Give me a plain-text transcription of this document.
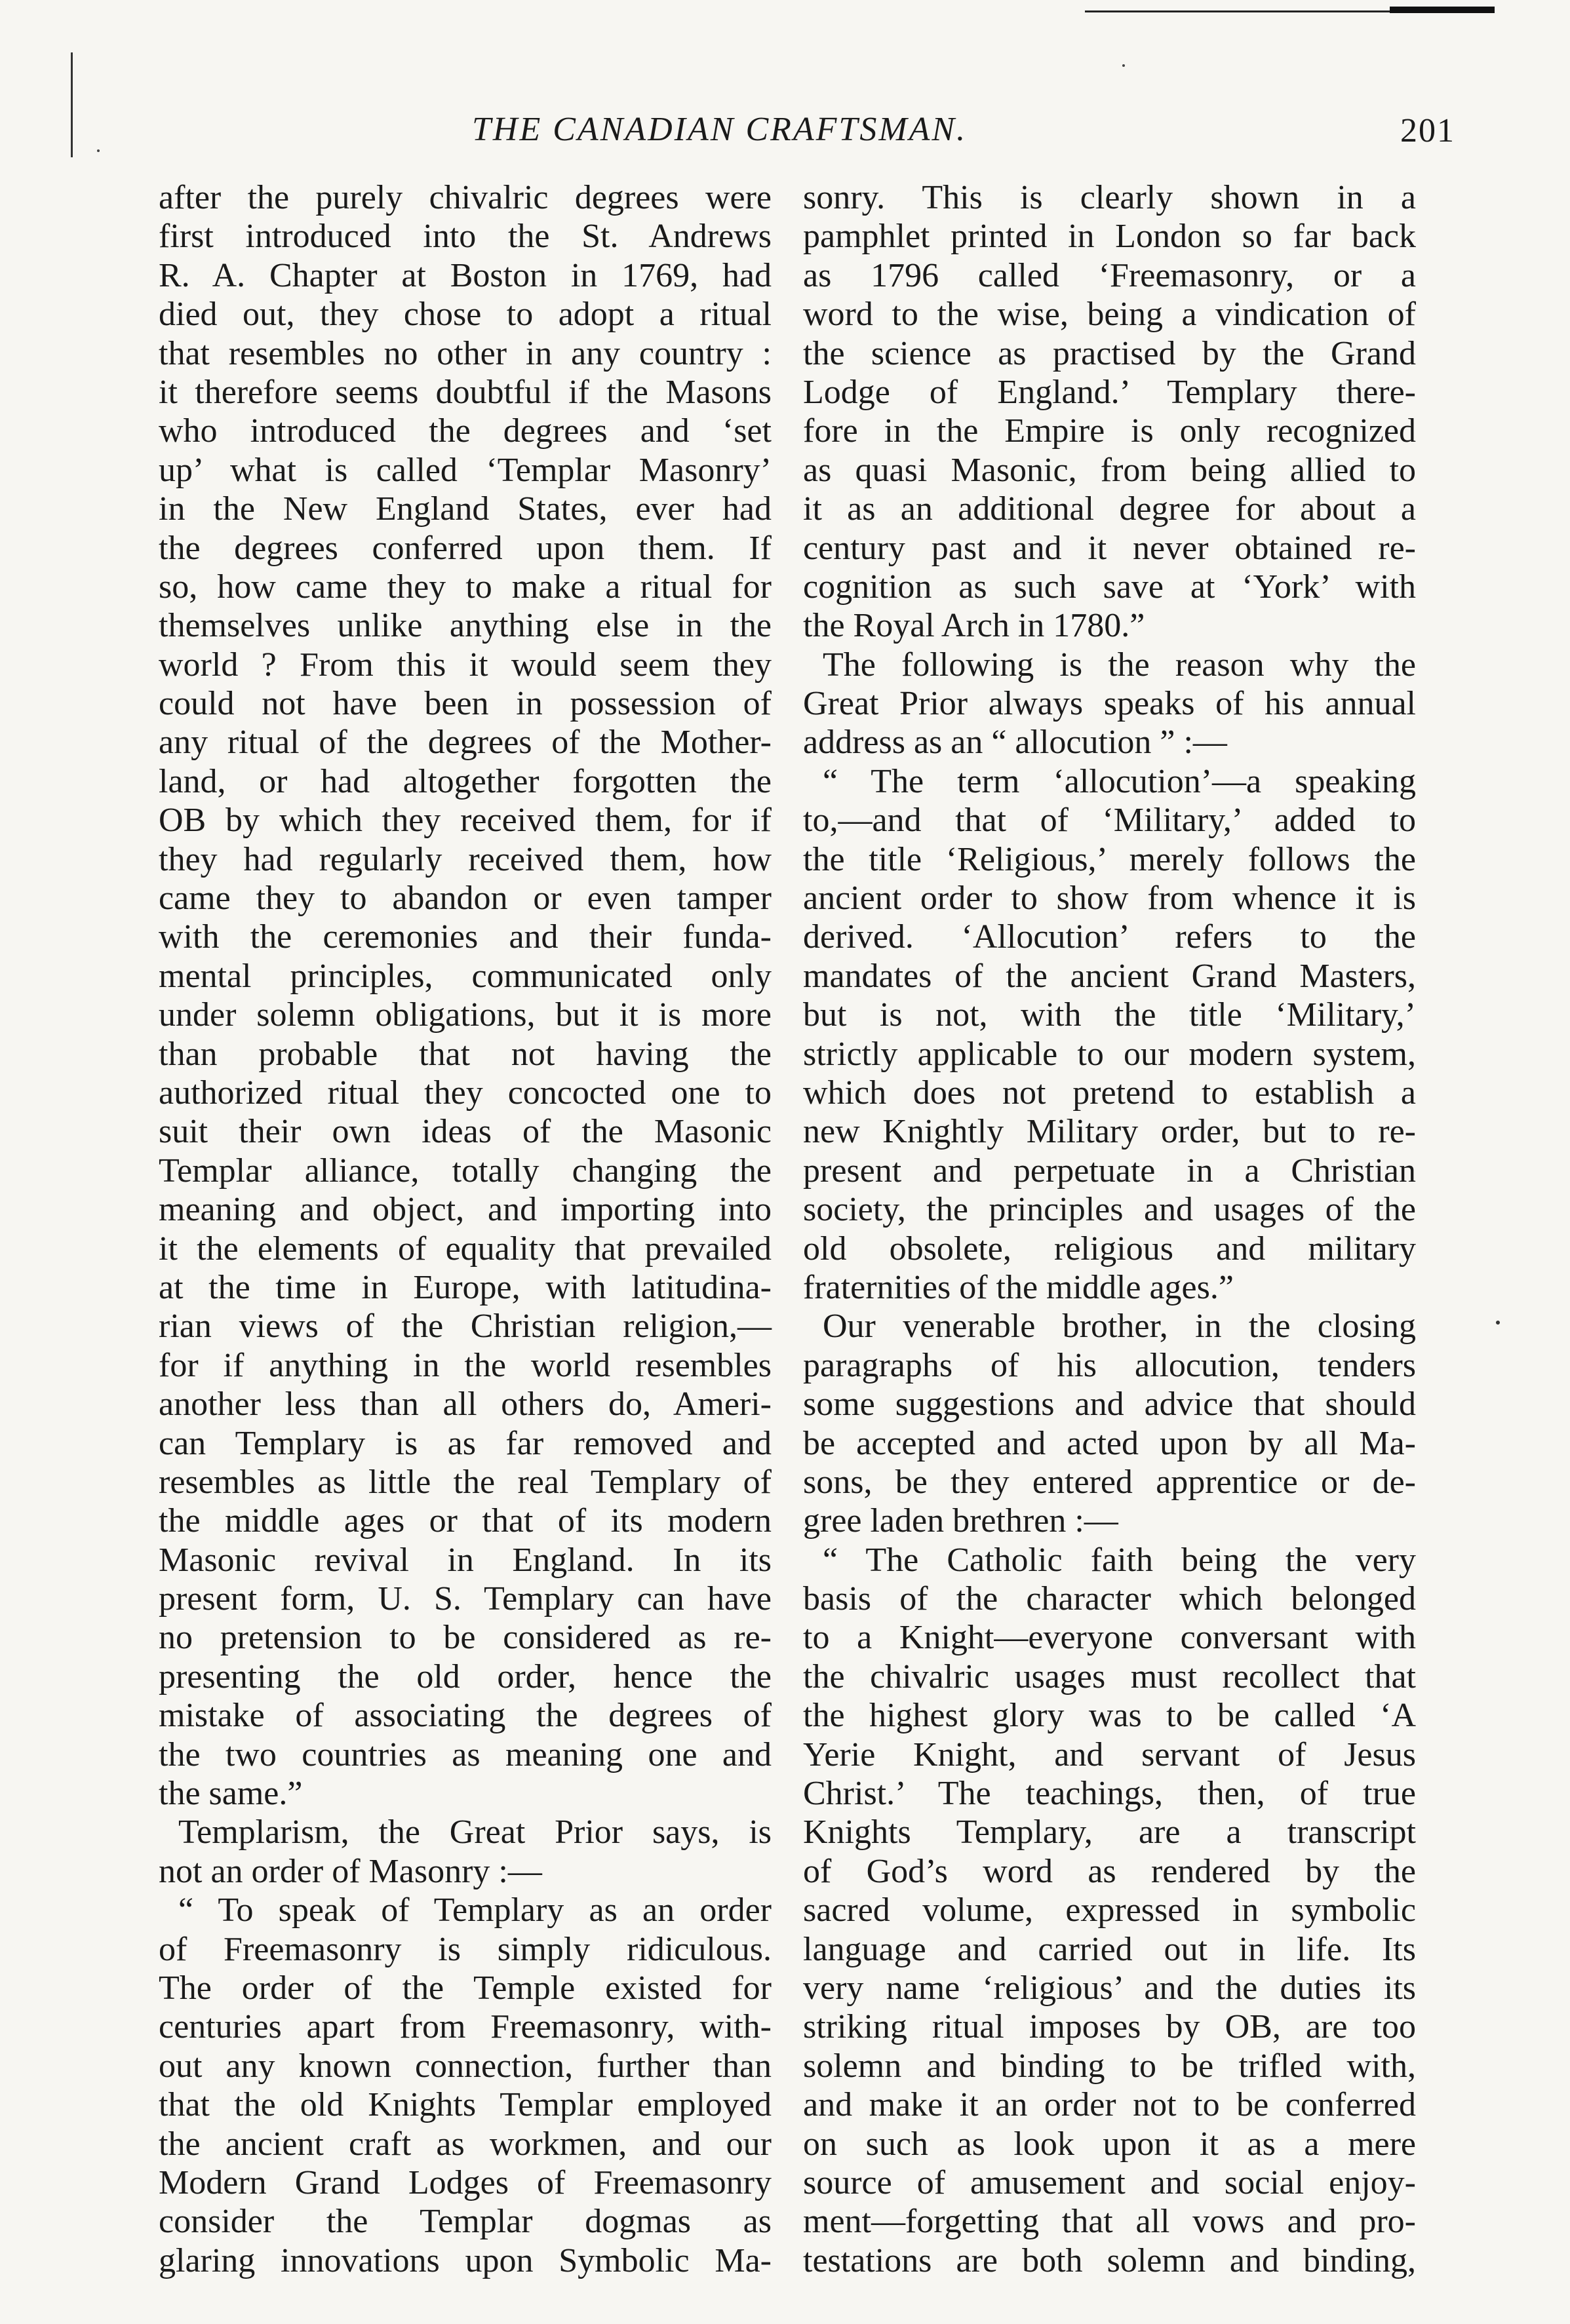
THE CANADIAN CRAFTSMAN.	201
after the purely chivalric degrees were
first introduced into the St. Andrews
R. A. Chapter at Boston in 1769, had
died out, they chose to adopt a ritual
that resembles no other in any country :
it therefore seems doubtful if the Masons
who introduced the degrees and ‘set
up’ what is called ‘Templar Masonry’
in the New England States, ever had
the degrees conferred upon them. If
so, how came they to make a ritual for
themselves unlike anything else in the
world ? From this it would seem they
could not have been in possession of
any ritual of the degrees of the Mother-
land, or had altogether forgotten the
OB by which they received them, for if
they had regularly received them, how
came they to abandon or even tamper
with the ceremonies and their funda-
mental principles, communicated only
under solemn obligations, but it is more
than probable that not having the
authorized ritual they concocted one to
suit their own ideas of the Masonic
Templar alliance, totally changing the
meaning and object, and importing into
it the elements of equality that prevailed
at the time in Europe, with latitudina-
rian views of the Christian religion,—
for if anything in the world resembles
another less than all others do, Ameri-
can Templary is as far removed and
resembles as little the real Templary of
the middle ages or that of its modern
Masonic revival in England. In its
present form, U. S. Templary can have
no pretension to be considered as re-
presenting the old order, hence the
mistake of associating the degrees of
the two countries as meaning one and
the same.”
Templarism, the Great Prior says, is
not an order of Masonry :—
“ To speak of Templary as an order
of Freemasonry is simply ridiculous.
The order of the Temple existed for
centuries apart from Freemasonry, with-
out any known connection, further than
that the old Knights Templar employed
the ancient craft as workmen, and our
Modern Grand Lodges of Freemasonry
consider the Templar dogmas as
glaring innovations upon Symbolic Ma-
sonry. This is clearly shown in a
pamphlet printed in London so far back
as 1796 called ‘Freemasonry, or a
word to the wise, being a vindication of
the science as practised by the Grand
Lodge of England.’ Templary there-
fore in the Empire is only recognized
as quasi Masonic, from being allied to
it as an additional degree for about a
century past and it never obtained re-
cognition as such save at ‘York’ with
the Royal Arch in 1780.”
The following is the reason why the
Great Prior always speaks of his annual
address as an “ allocution ” :—
“ The term ‘allocution’—a speaking
to,—and that of ‘Military,’ added to
the title ‘Religious,’ merely follows the
ancient order to show from whence it is
derived. ‘Allocution’ refers to the
mandates of the ancient Grand Masters,
but is not, with the title ‘Military,’
strictly applicable to our modern system,
which does not pretend to establish a
new Knightly Military order, but to re-
present and perpetuate in a Christian
society, the principles and usages of the
old obsolete, religious and military
fraternities of the middle ages.”
Our venerable brother, in the closing
paragraphs of his allocution, tenders
some suggestions and advice that should
be accepted and acted upon by all Ma-
sons, be they entered apprentice or de-
gree laden brethren :—
“ The Catholic faith being the very
basis of the character which belonged
to a Knight—everyone conversant with
the chivalric usages must recollect that
the highest glory was to be called ‘A
Yerie Knight, and servant of Jesus
Christ.’ The teachings, then, of true
Knights Templary, are a transcript
of God’s word as rendered by the
sacred volume, expressed in symbolic
language and carried out in life. Its
very name ‘religious’ and the duties its
striking ritual imposes by OB, are too
solemn and binding to be trifled with,
and make it an order not to be conferred
on such as look upon it as a mere
source of amusement and social enjoy-
ment—forgetting that all vows and pro-
testations are both solemn and binding,
